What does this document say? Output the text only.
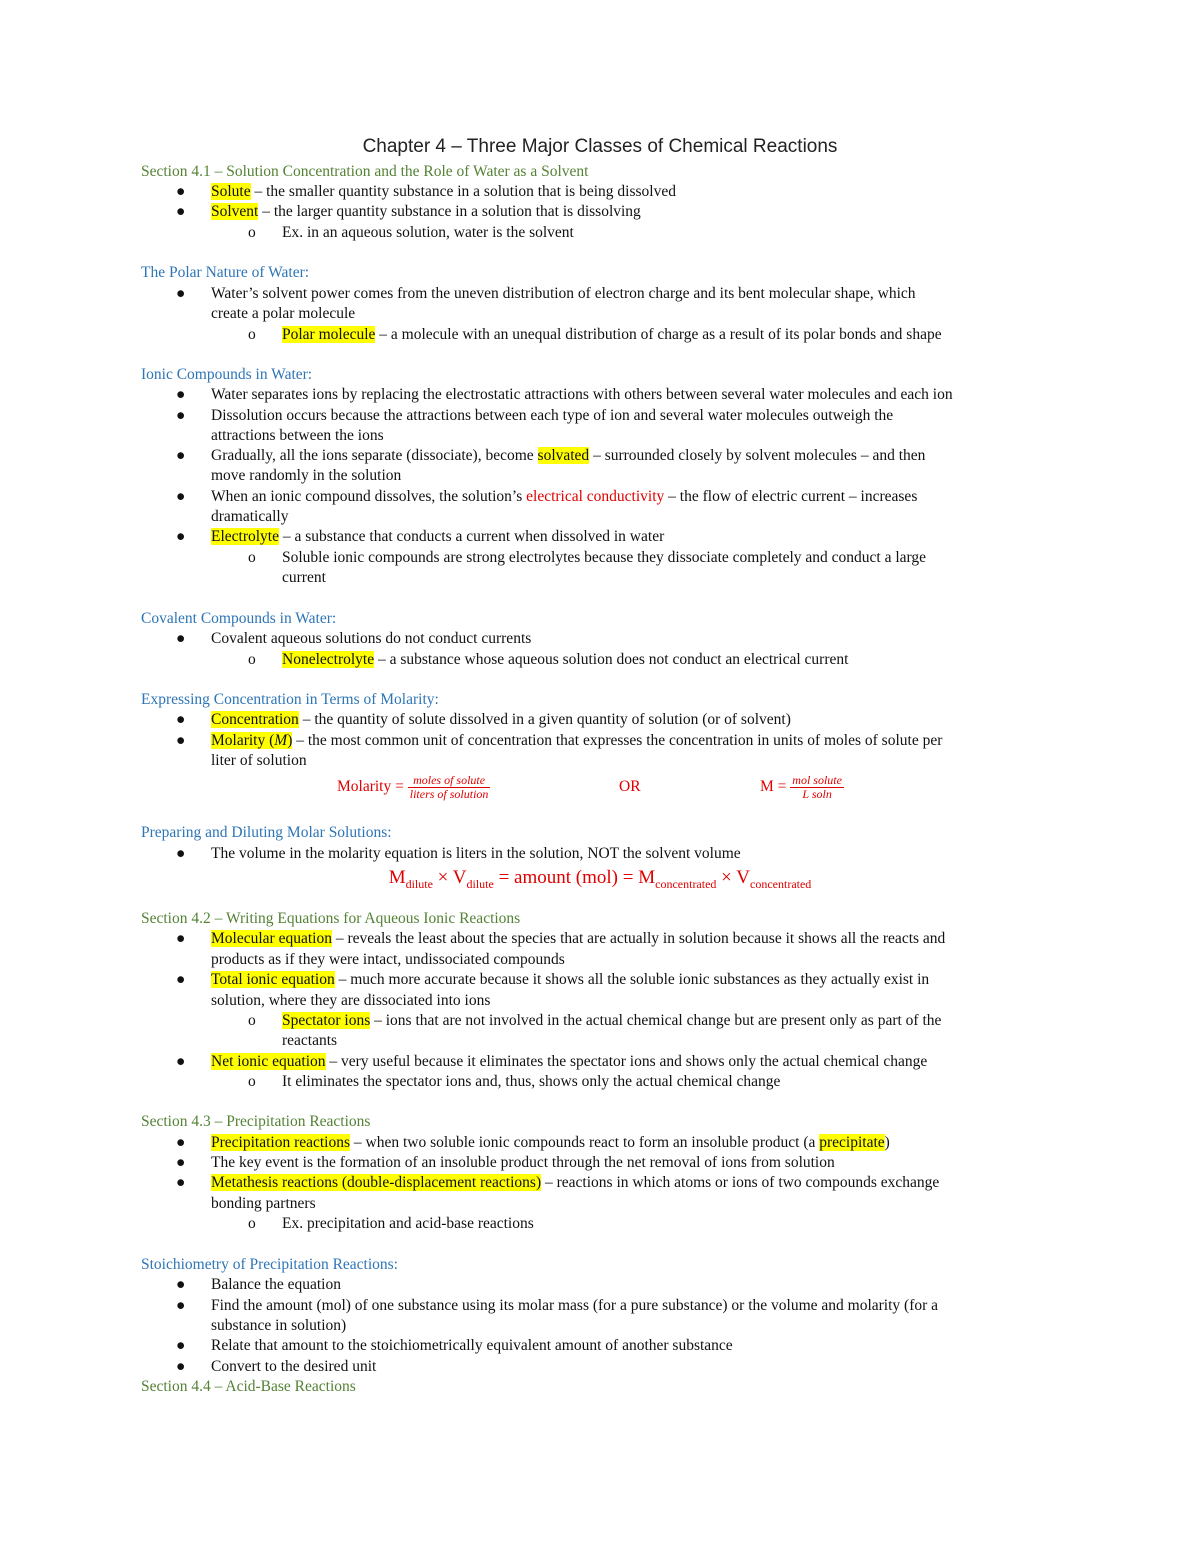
Chapter 4 – Three Major Classes of Chemical Reactions
Section 4.1 – Solution Concentration and the Role of Water as a Solvent
● Solute – the smaller quantity substance in a solution that is being dissolved
● Solvent – the larger quantity substance in a solution that is dissolving
o Ex. in an aqueous solution, water is the solvent
The Polar Nature of Water:
● Water’s solvent power comes from the uneven distribution of electron charge and its bent molecular shape, which
create a polar molecule
o Polar molecule – a molecule with an unequal distribution of charge as a result of its polar bonds and shape
Ionic Compounds in Water:
● Water separates ions by replacing the electrostatic attractions with others between several water molecules and each ion
● Dissolution occurs because the attractions between each type of ion and several water molecules outweigh the
attractions between the ions
● Gradually, all the ions separate (dissociate), become solvated – surrounded closely by solvent molecules – and then
move randomly in the solution
● When an ionic compound dissolves, the solution’s electrical conductivity – the flow of electric current – increases
dramatically
● Electrolyte – a substance that conducts a current when dissolved in water
o Soluble ionic compounds are strong electrolytes because they dissociate completely and conduct a large
current
Covalent Compounds in Water:
● Covalent aqueous solutions do not conduct currents
o Nonelectrolyte – a substance whose aqueous solution does not conduct an electrical current
Expressing Concentration in Terms of Molarity:
● Concentration – the quantity of solute dissolved in a given quantity of solution (or of solvent)
● Molarity (M) – the most common unit of concentration that expresses the concentration in units of moles of solute per
liter of solution
Molarity = $\frac{\text{moles of solute}}{\text{liters of solution}}$	OR	$M = \frac{\text{mol solute}}{\text{L soln}}$
Preparing and Diluting Molar Solutions:
● The volume in the molarity equation is liters in the solution, NOT the solvent volume
$M_{dilute} \times V_{dilute}$ = amount $(mol) = M_{concentrated} \times V_{concentrated}$
Section 4.2 – Writing Equations for Aqueous Ionic Reactions
● Molecular equation – reveals the least about the species that are actually in solution because it shows all the reacts and
products as if they were intact, undissociated compounds
● Total ionic equation – much more accurate because it shows all the soluble ionic substances as they actually exist in
solution, where they are dissociated into ions
o Spectator ions – ions that are not involved in the actual chemical change but are present only as part of the
reactants
● Net ionic equation – very useful because it eliminates the spectator ions and shows only the actual chemical change
o It eliminates the spectator ions and, thus, shows only the actual chemical change
Section 4.3 – Precipitation Reactions
● Precipitation reactions – when two soluble ionic compounds react to form an insoluble product (a precipitate)
● The key event is the formation of an insoluble product through the net removal of ions from solution
● Metathesis reactions (double-displacement reactions) – reactions in which atoms or ions of two compounds exchange
bonding partners
o Ex. precipitation and acid-base reactions
Stoichiometry of Precipitation Reactions:
● Balance the equation
● Find the amount (mol) of one substance using its molar mass (for a pure substance) or the volume and molarity (for a
substance in solution)
● Relate that amount to the stoichiometrically equivalent amount of another substance
● Convert to the desired unit
Section 4.4 – Acid-Base Reactions
